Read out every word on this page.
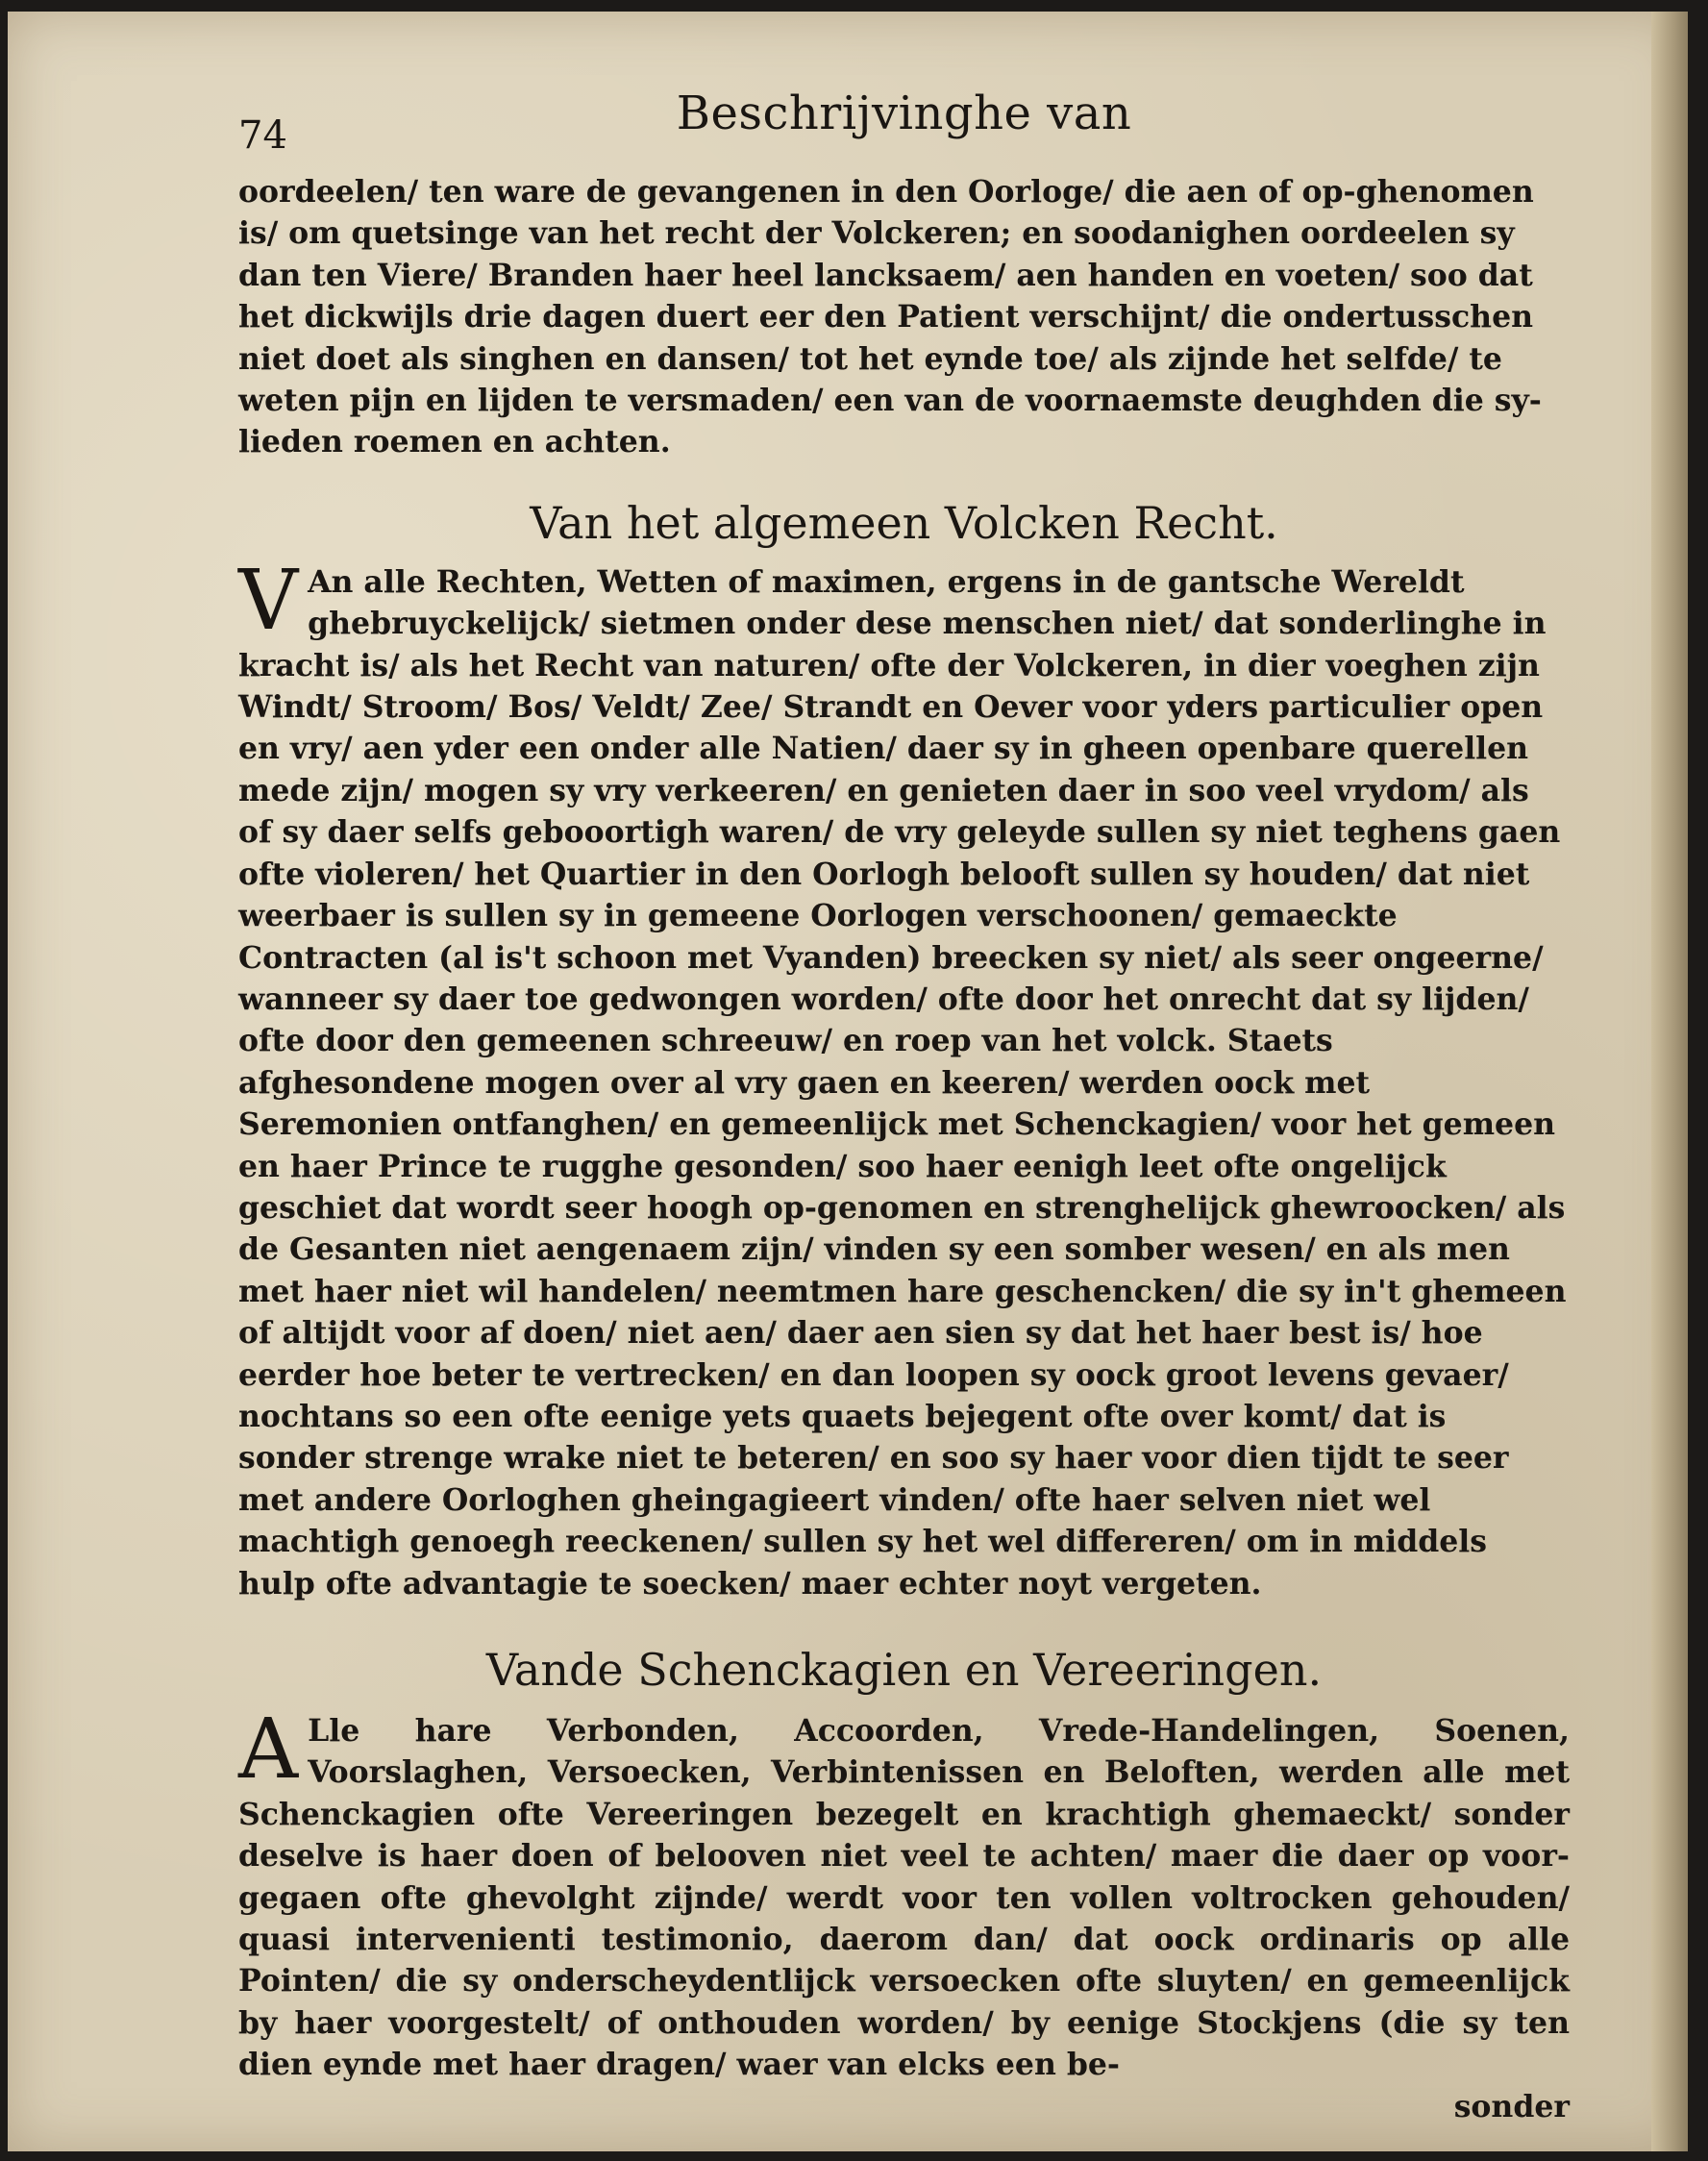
74	Beschrijvinghe van

oordeelen/ ten ware de gevangenen in den Oorloge/ die aen of op-ghenomen is/ om quetsinge van het recht der Volckeren; en soodanighen oordeelen sy dan ten Viere/ Branden haer heel lancksaem/ aen handen en voeten/ soo dat het dickwijls drie dagen duert eer den Patient verschijnt/ die ondertusschen niet doet als singhen en dansen/ tot het eynde toe/ als zijnde het selfde/ te weten pijn en lijden te versmaden/ een van de voornaemste deughden die sy-lieden roemen en achten.

Van het algemeen Volcken Recht.

V An alle Rechten, Wetten of maximen, ergens in de gantsche Wereldt ghebruyckelijck/ sietmen onder dese menschen niet/ dat sonderlinghe in kracht is/ als het Recht van naturen/ ofte der Volckeren, in dier voeghen zijn Windt/ Stroom/ Bos/ Veldt/ Zee/ Strandt en Oever voor yders particulier open en vry/ aen yder een onder alle Natien/ daer sy in gheen openbare querellen mede zijn/ mogen sy vry verkeeren/ en genieten daer in soo veel vrydom/ als of sy daer selfs gebooortigh waren/ de vry geleyde sullen sy niet teghens gaen ofte violeren/ het Quartier in den Oorlogh belooft sullen sy houden/ dat niet weerbaer is sullen sy in gemeene Oorlogen verschoonen/ gemaeckte Contracten (al is't schoon met Vyanden) breecken sy niet/ als seer ongeerne/ wanneer sy daer toe gedwongen worden/ ofte door het onrecht dat sy lijden/ ofte door den gemeenen schreeuw/ en roep van het volck. Staets afghesondene mogen over al vry gaen en keeren/ werden oock met Seremonien ontfanghen/ en gemeenlijck met Schenckagien/ voor het gemeen en haer Prince te rugghe gesonden/ soo haer eenigh leet ofte ongelijck geschiet dat wordt seer hoogh op-genomen en strenghelijck ghewroocken/ als de Gesanten niet aengenaem zijn/ vinden sy een somber wesen/ en als men met haer niet wil handelen/ neemtmen hare geschencken/ die sy in't ghemeen of altijdt voor af doen/ niet aen/ daer aen sien sy dat het haer best is/ hoe eerder hoe beter te vertrecken/ en dan loopen sy oock groot levens gevaer/ nochtans so een ofte eenige yets quaets bejegent ofte over komt/ dat is sonder strenge wrake niet te beteren/ en soo sy haer voor dien tijdt te seer met andere Oorloghen gheingagieert vinden/ ofte haer selven niet wel machtigh genoegh reeckenen/ sullen sy het wel differeren/ om in middels hulp ofte advantagie te soecken/ maer echter noyt vergeten.

Vande Schenckagien en Vereeringen.

A Lle hare Verbonden, Accoorden, Vrede-Handelingen, Soenen, Voorslaghen, Versoecken, Verbintenissen en Beloften, werden alle met Schenckagien ofte Vereeringen bezegelt en krachtigh ghemaeckt/ sonder deselve is haer doen of belooven niet veel te achten/ maer die daer op voor-gegaen ofte ghevolght zijnde/ werdt voor ten vollen voltrocken gehouden/ quasi intervenienti testimonio, daerom dan/ dat oock ordinaris op alle Pointen/ die sy onderscheydentlijck versoecken ofte sluyten/ en gemeenlijck by haer voorgestelt/ of onthouden worden/ by eenige Stockjens (die sy ten dien eynde met haer dragen/ waer van elcks een be-

sonder
